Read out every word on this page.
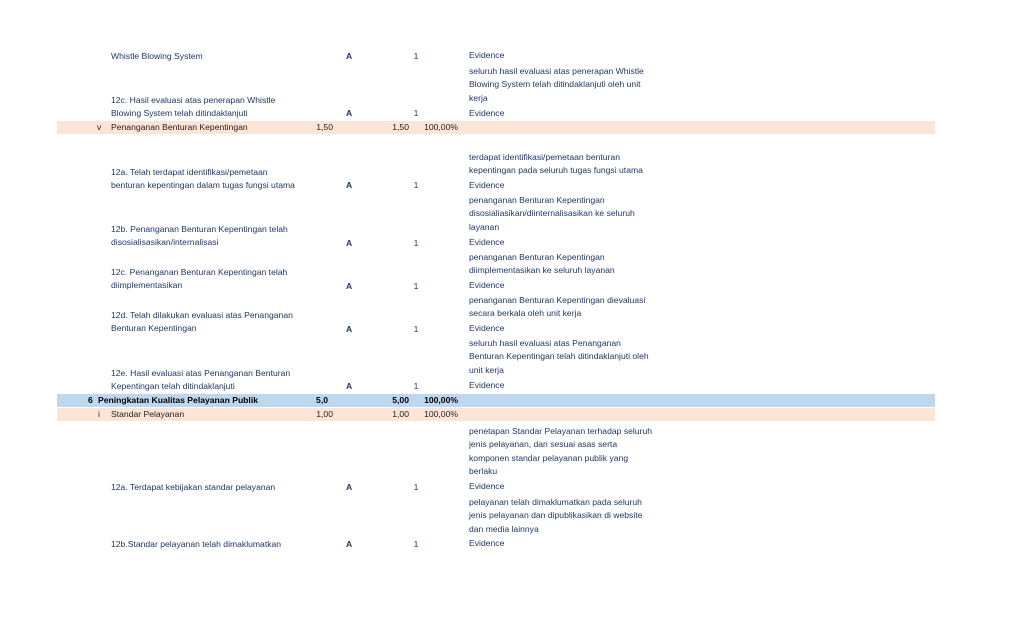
Whistle Blowing System	A	1	Evidence
seluruh hasil evaluasi atas penerapan Whistle
Blowing System telah ditindaklanjuti oleh unit
kerja
12c. Hasil evaluasi atas penerapan Whistle
Blowing System telah ditindaklanjuti	A	1	Evidence
v Penanganan Benturan Kepentingan	1,50	1,50	100,00%
terdapat identifikasi/pemetaan benturan
kepentingan pada seluruh tugas fungsi utama
12a. Telah terdapat identifikasi/pemetaan
benturan kepentingan dalam tugas fungsi utama	A	1	Evidence
penanganan Benturan Kepentingan
disosialiasikan/diinternalisasikan ke seluruh
layanan
12b. Penanganan Benturan Kepentingan telah
disosialisasikan/internalisasi	A	1	Evidence
penanganan Benturan Kepentingan
diimplementasikan ke seluruh layanan
12c. Penanganan Benturan Kepentingan telah
diimplementasikan	A	1	Evidence
penanganan Benturan Kepentingan dievaluasi
secara berkala oleh unit kerja
12d. Telah dilakukan evaluasi atas Penanganan
Benturan Kepentingan	A	1	Evidence
seluruh hasil evaluasi atas Penanganan
Benturan Kepentingan telah ditindaklanjuti oleh
unit kerja
12e. Hasil evaluasi atas Penanganan Benturan
Kepentingan telah ditindaklanjuti	A	1	Evidence
6 Peningkatan Kualitas Pelayanan Publik	5,0	5,00	100,00%
i Standar Pelayanan	1,00	1,00	100,00%
penetapan Standar Pelayanan terhadap seluruh
jenis pelayanan, dan sesuai asas serta
komponen standar pelayanan publik yang
berlaku
12a. Terdapat kebijakan standar pelayanan	A	1	Evidence
pelayanan telah dimaklumatkan pada seluruh
jenis pelayanan dan dipublikasikan di website
dan media lainnya
12b.Standar pelayanan telah dimaklumatkan	A	1	Evidence
